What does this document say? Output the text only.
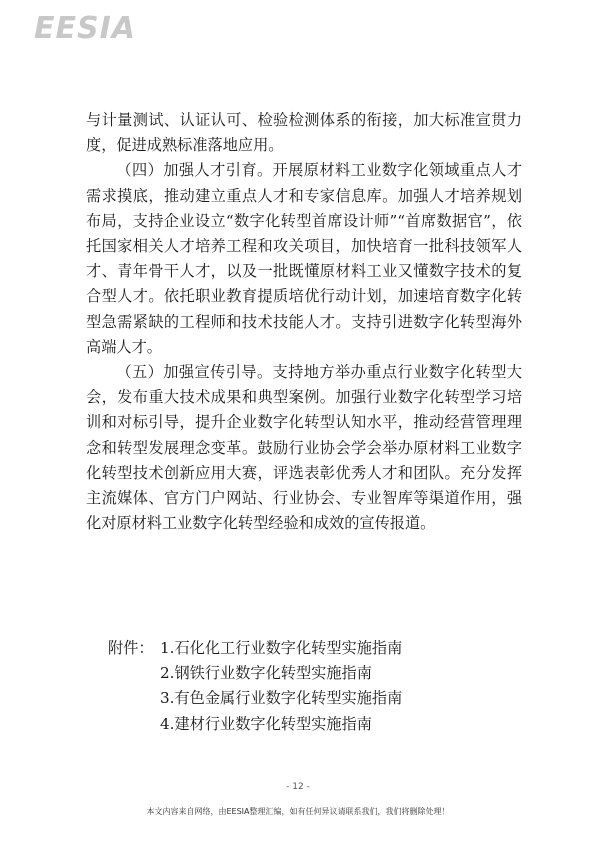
EESIA

与计量测试、认证认可、检验检测体系的衔接，加大标准宣贯力度，促进成熟标准落地应用。

（四）加强人才引育。开展原材料工业数字化领域重点人才需求摸底，推动建立重点人才和专家信息库。加强人才培养规划布局，支持企业设立“数字化转型首席设计师”“首席数据官”，依托国家相关人才培养工程和攻关项目，加快培育一批科技领军人才、青年骨干人才，以及一批既懂原材料工业又懂数字技术的复合型人才。依托职业教育提质培优行动计划，加速培育数字化转型急需紧缺的工程师和技术技能人才。支持引进数字化转型海外高端人才。

（五）加强宣传引导。支持地方举办重点行业数字化转型大会，发布重大技术成果和典型案例。加强行业数字化转型学习培训和对标引导，提升企业数字化转型认知水平，推动经营管理理念和转型发展理念变革。鼓励行业协会学会举办原材料工业数字化转型技术创新应用大赛，评选表彰优秀人才和团队。充分发挥主流媒体、官方门户网站、行业协会、专业智库等渠道作用，强化对原材料工业数字化转型经验和成效的宣传报道。

附件： 1.石化化工行业数字化转型实施指南
2.钢铁行业数字化转型实施指南
3.有色金属行业数字化转型实施指南
4.建材行业数字化转型实施指南
- 12 -
本文内容来自网络，由EESIA整理汇编，如有任何异议请联系我们，我们将删除处理！
